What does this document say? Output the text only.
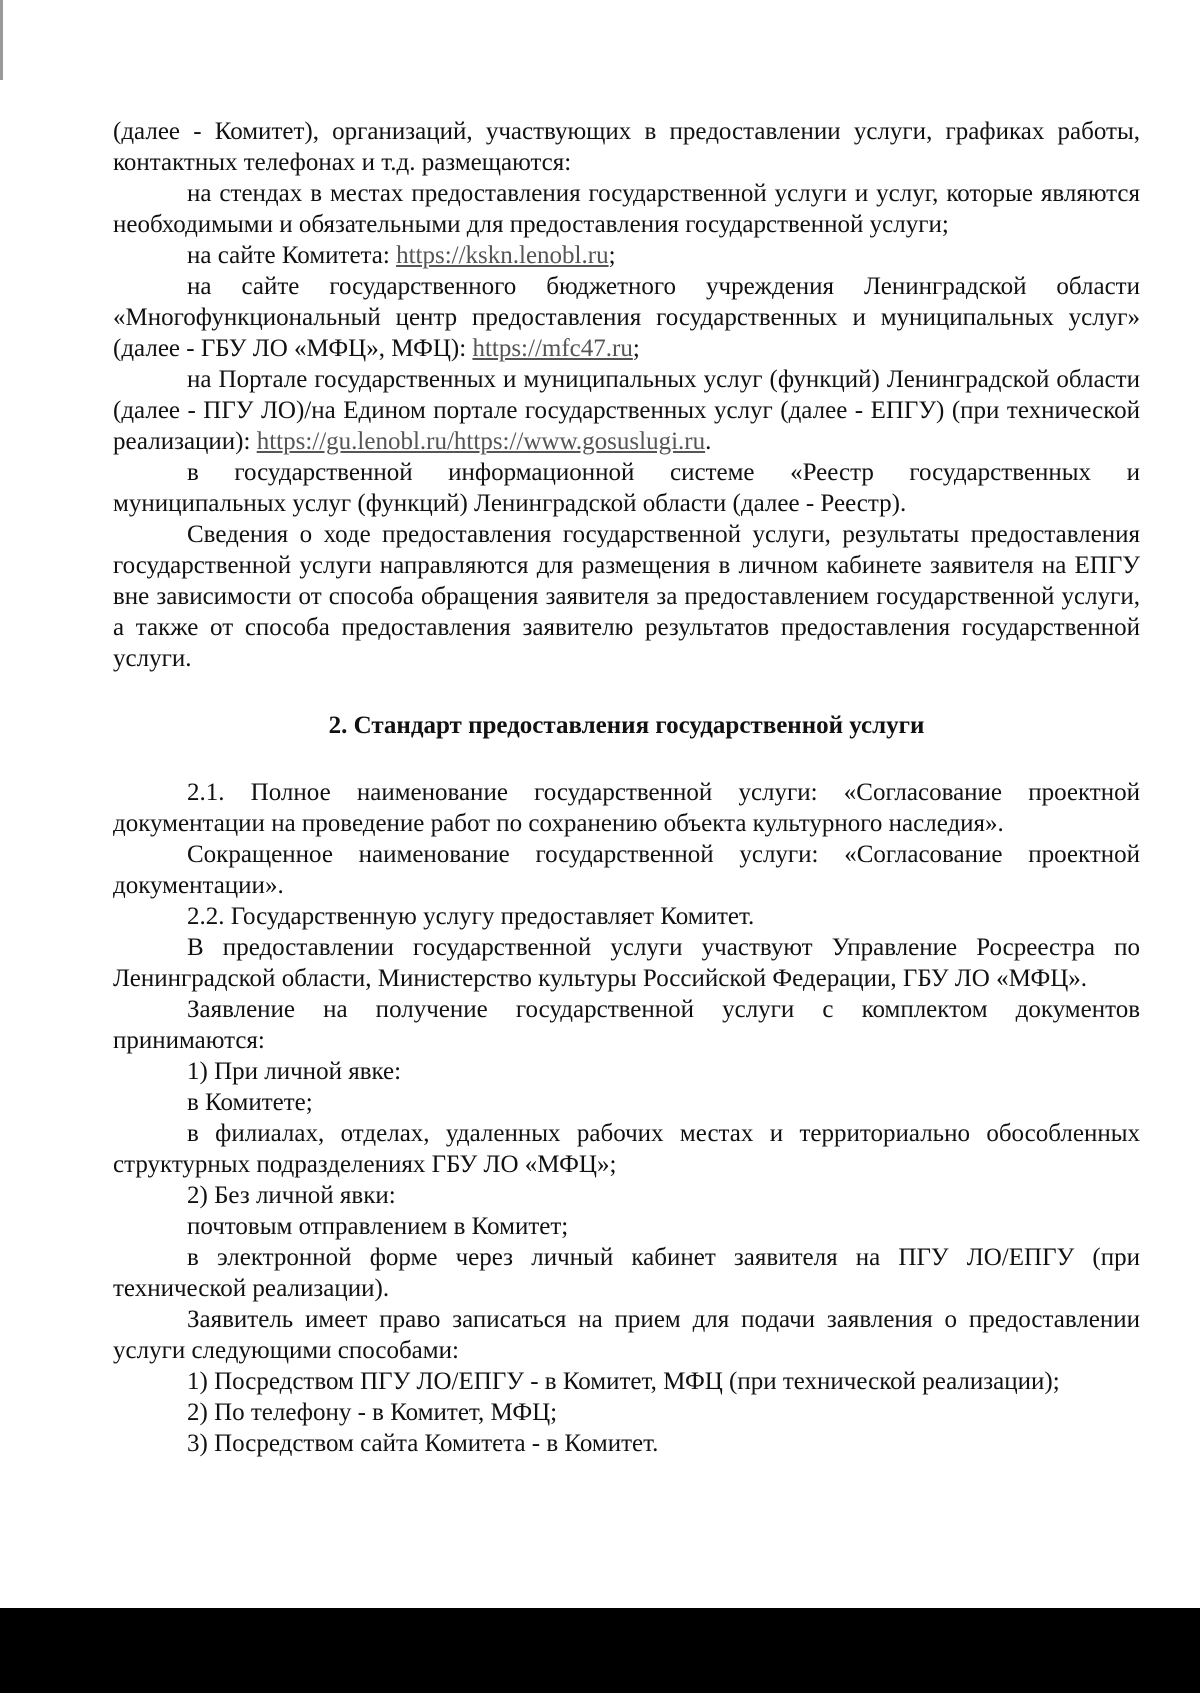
(далее - Комитет), организаций, участвующих в предоставлении услуги, графиках работы, контактных телефонах и т.д. размещаются:

на стендах в местах предоставления государственной услуги и услуг, которые являются необходимыми и обязательными для предоставления государственной услуги;

на сайте Комитета: https://kskn.lenobl.ru;

на сайте государственного бюджетного учреждения Ленинградской области «Многофункциональный центр предоставления государственных и муниципальных услуг» (далее - ГБУ ЛО «МФЦ», МФЦ): https://mfc47.ru;

на Портале государственных и муниципальных услуг (функций) Ленинградской области (далее - ПГУ ЛО)/на Едином портале государственных услуг (далее - ЕПГУ) (при технической реализации): https://gu.lenobl.ru/https://www.gosuslugi.ru.

в государственной информационной системе «Реестр государственных и муниципальных услуг (функций) Ленинградской области (далее - Реестр).

Сведения о ходе предоставления государственной услуги, результаты предоставления государственной услуги направляются для размещения в личном кабинете заявителя на ЕПГУ вне зависимости от способа обращения заявителя за предоставлением государственной услуги, а также от способа предоставления заявителю результатов предоставления государственной услуги.

2. Стандарт предоставления государственной услуги

2.1. Полное наименование государственной услуги: «Согласование проектной документации на проведение работ по сохранению объекта культурного наследия».

Сокращенное наименование государственной услуги: «Согласование проектной документации».

2.2. Государственную услугу предоставляет Комитет.

В предоставлении государственной услуги участвуют Управление Росреестра по Ленинградской области, Министерство культуры Российской Федерации, ГБУ ЛО «МФЦ».

Заявление на получение государственной услуги с комплектом документов принимаются:

1) При личной явке:

в Комитете;

в филиалах, отделах, удаленных рабочих местах и территориально обособленных структурных подразделениях ГБУ ЛО «МФЦ»;

2) Без личной явки:

почтовым отправлением в Комитет;

в электронной форме через личный кабинет заявителя на ПГУ ЛО/ЕПГУ (при технической реализации).

Заявитель имеет право записаться на прием для подачи заявления о предоставлении услуги следующими способами:

1) Посредством ПГУ ЛО/ЕПГУ - в Комитет, МФЦ (при технической реализации);

2) По телефону - в Комитет, МФЦ;

3) Посредством сайта Комитета - в Комитет.
